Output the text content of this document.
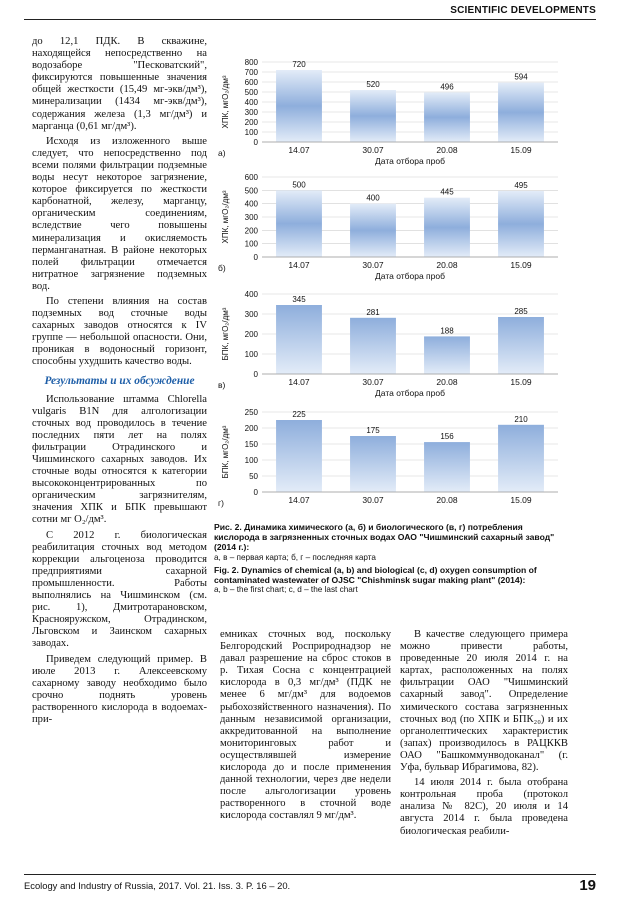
SCIENTIFIC DEVELOPMENTS

до 12,1 ПДК. В скважине, находящейся непосредственно на водозаборе "Песковатский", фиксируются повышенные значения общей жесткости (15,49 мг-экв/дм³), минерализации (1434 мг-экв/дм³), содержания железа (1,3 мг/дм³) и марганца (0,61 мг/дм³).

Исходя из изложенного выше следует, что непосредственно под всеми полями фильтрации подземные воды несут некоторое загрязнение, которое фиксируется по жесткости карбонатной, железу, марганцу, органическим соединениям, вследствие чего повышены минерализация и окисляемость перманганатная. В районе некоторых полей фильтрации отмечается нитратное загрязнение подземных вод.

По степени влияния на состав подземных вод сточные воды сахарных заводов относятся к IV группе — небольшой опасности. Они, проникая в водоносный горизонт, способны ухудшить качество воды.

Результаты и их обсуждение

Использование штамма Chlorella vulgaris B1N для алгологизации сточных вод проводилось в течение последних пяти лет на полях фильтрации Отрадинского и Чишминского сахарных заводов. Их сточные воды относятся к категории высококонцентрированных по органическим загрязнителям, значения ХПК и БПК превышают сотни мг O₂/дм³.

С 2012 г. биологическая реабилитация сточных вод методом коррекции альгоценоза проводится предприятиями сахарной промышленности. Работы выполнялись на Чишминском (см. рис. 1), Дмитротарановском, Краснояружском, Отрадинском, Льговском и Заинском сахарных заводах.

Приведем следующий пример. В июле 2013 г. Алексеевскому сахарному заводу необходимо было срочно поднять уровень растворенного кислорода в водоемах-при-

0
100
200
300
400
500
600
700
800	720
14.07
520
30.07
496
20.08
594
15.09
Дата отбора проб
ХПК, мгO₂/дм³
а)
0
100
200
300
400
500
600
500
14.07
400
30.07
445
20.08
495
15.09
Дата отбора проб
ХПК, мгO₂/дм³
б)
0
100
200
300
400
345
14.07
281
30.07
188
20.08
285
15.09
Дата отбора проб
БПК, мгO₂/дм³
в)
0
50
100
150
200
250	225
14.07
175
30.07
156
20.08
210
15.09
БПК, мгO₂/дм³
г)
Рис. 2. Динамика химического (а, б) и биологического (в, г) потребления кислорода в загрязненных сточных водах ОАО "Чишминский сахарный завод" (2014 г.):
а, в – первая карта; б, г – последняя карта
Fig. 2. Dynamics of chemical (a, b) and biological (c, d) oxygen consumption of contaminated wastewater of OJSC "Chishminsk sugar making plant" (2014):
a, b – the first chart; c, d – the last chart

емниках сточных вод, поскольку Белгородский Росприроднадзор не давал разрешение на сброс стоков в р. Тихая Сосна с концентрацией кислорода в 0,3 мг/дм³ (ПДК не менее 6 мг/дм³ для водоемов рыбохозяйственного назначения). По данным независимой организации, аккредитованной на выполнение мониторинговых работ и осуществлявшей измерение кислорода до и после применения данной технологии, через две недели после альгологизации уровень растворенного в сточной воде кислорода составлял 9 мг/дм³.

В качестве следующего примера можно привести работы, проведенные 20 июля 2014 г. на картах, расположенных на полях фильтрации ОАО "Чишминский сахарный завод". Определение химического состава загрязненных сточных вод (по ХПК и БПК₂₀) и их органолептических характеристик (запах) производилось в РАЦККВ ОАО "Башкоммунводоканал" (г. Уфа, бульвар Ибрагимова, 82).

14 июля 2014 г. была отобрана контрольная проба (протокол анализа № 82С), 20 июля и 14 августа 2014 г. была проведена биологическая реабили-

Ecology and Industry of Russia, 2017. Vol. 21. Iss. 3. P. 16 – 20.	19
